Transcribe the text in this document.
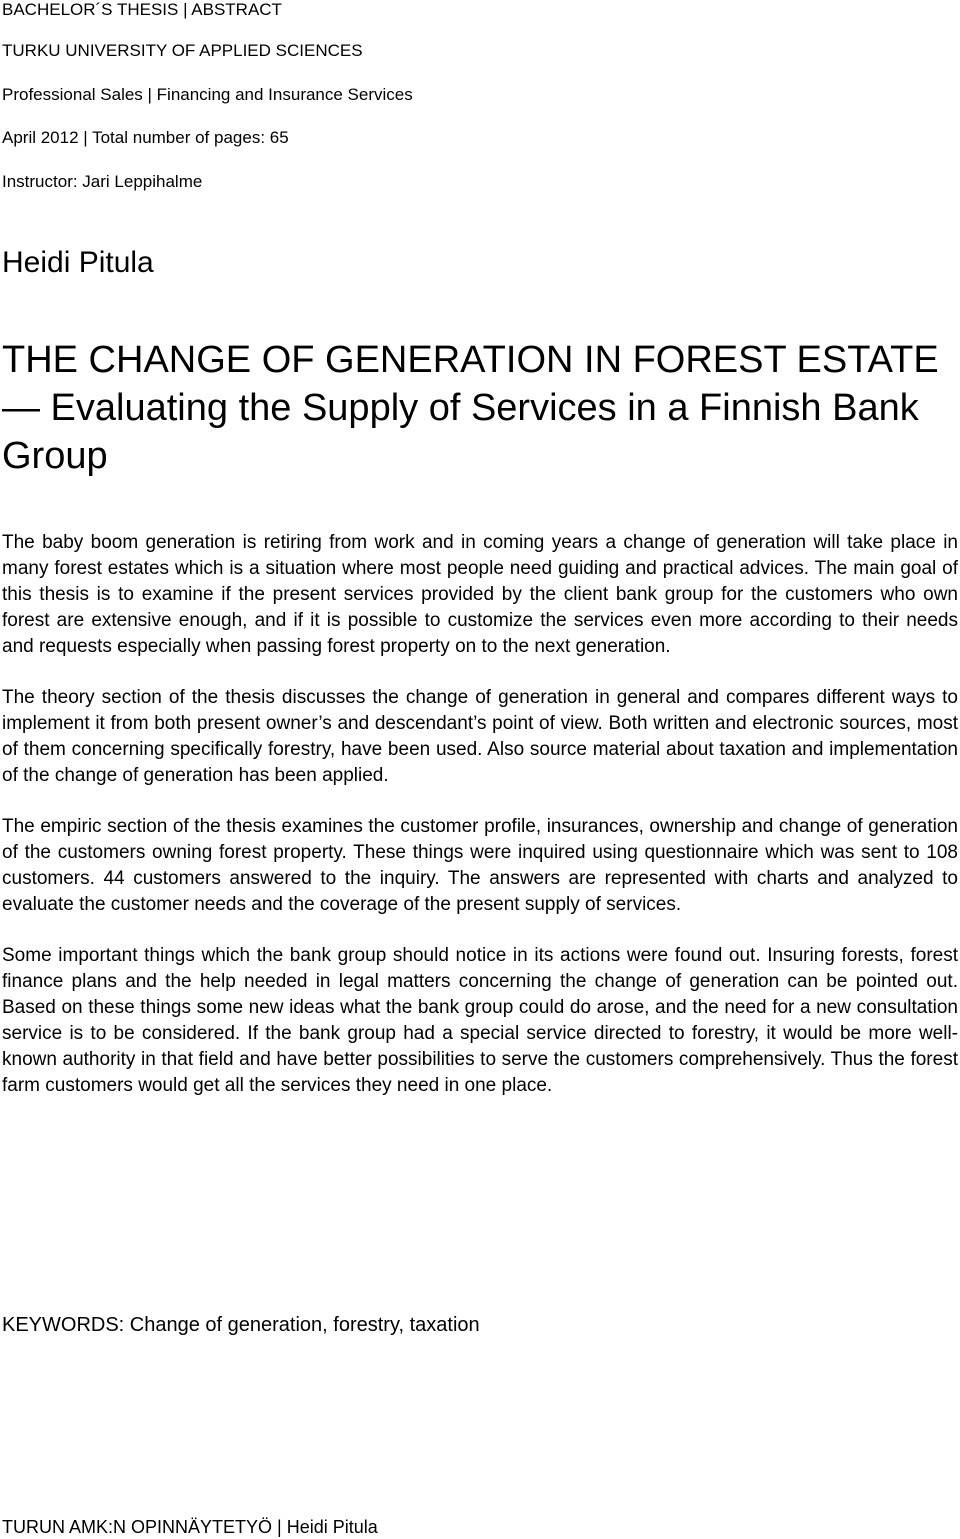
BACHELOR´S THESIS | ABSTRACT
TURKU UNIVERSITY OF APPLIED SCIENCES
Professional Sales | Financing and Insurance Services
April 2012 | Total number of pages: 65
Instructor: Jari Leppihalme
Heidi Pitula
THE CHANGE OF GENERATION IN FOREST ESTATE — Evaluating the Supply of Services in a Finnish Bank Group

The baby boom generation is retiring from work and in coming years a change of generation will take place in many forest estates which is a situation where most people need guiding and practical advices. The main goal of this thesis is to examine if the present services provided by the client bank group for the customers who own forest are extensive enough, and if it is possible to customize the services even more according to their needs and requests especially when passing forest property on to the next generation.

The theory section of the thesis discusses the change of generation in general and compares different ways to implement it from both present owner’s and descendant’s point of view. Both written and electronic sources, most of them concerning specifically forestry, have been used. Also source material about taxation and implementation of the change of generation has been applied.

The empiric section of the thesis examines the customer profile, insurances, ownership and change of generation of the customers owning forest property. These things were inquired using questionnaire which was sent to 108 customers. 44 customers answered to the inquiry. The answers are represented with charts and analyzed to evaluate the customer needs and the coverage of the present supply of services.

Some important things which the bank group should notice in its actions were found out. Insuring forests, forest finance plans and the help needed in legal matters concerning the change of generation can be pointed out. Based on these things some new ideas what the bank group could do arose, and the need for a new consultation service is to be considered. If the bank group had a special service directed to forestry, it would be more well-known authority in that field and have better possibilities to serve the customers comprehensively. Thus the forest farm customers would get all the services they need in one place.

KEYWORDS: Change of generation, forestry, taxation
TURUN AMK:N OPINNÄYTETYÖ | Heidi Pitula
